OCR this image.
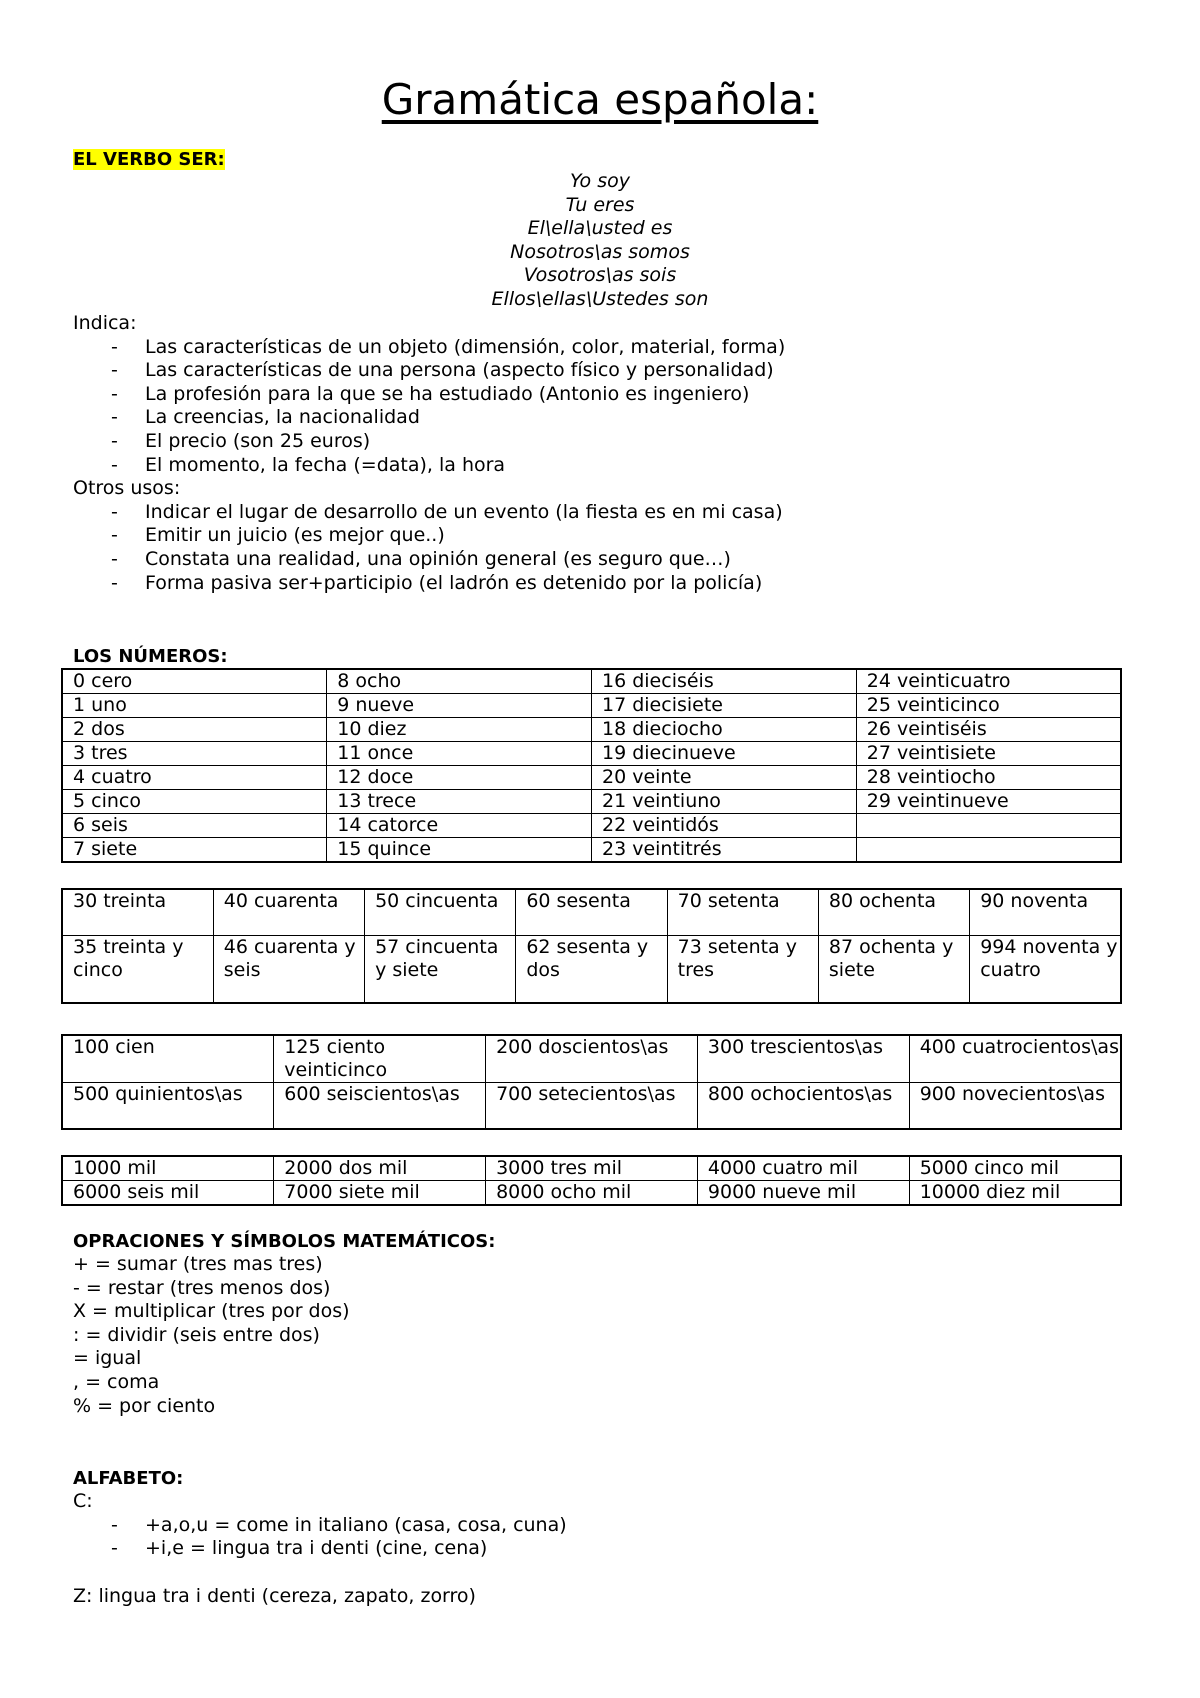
Gramática española:
EL VERBO SER:
Yo soy
Tu eres
El\ella\usted es
Nosotros\as somos
Vosotros\as sois
Ellos\ellas\Ustedes son
Indica:
- Las características de un objeto (dimensión, color, material, forma)
- Las características de una persona (aspecto físico y personalidad)
- La profesión para la que se ha estudiado (Antonio es ingeniero)
- La creencias, la nacionalidad
- El precio (son 25 euros)
- El momento, la fecha (=data), la hora
Otros usos:
- Indicar el lugar de desarrollo de un evento (la fiesta es en mi casa)
- Emitir un juicio (es mejor que..)
- Constata una realidad, una opinión general (es seguro que…)
- Forma pasiva ser+participio (el ladrón es detenido por la policía)
LOS NÚMEROS:
0 cero	8 ocho	16 dieciséis	24 veinticuatro
1 uno	9 nueve	17 diecisiete	25 veinticinco
2 dos	10 diez	18 dieciocho	26 veintiséis
3 tres	11 once	19 diecinueve	27 veintisiete
4 cuatro	12 doce	20 veinte	28 veintiocho
5 cinco	13 trece	21 veintiuno	29 veintinueve
6 seis	14 catorce	22 veintidós	
7 siete	15 quince	23 veintitrés	
30 treinta	40 cuarenta	50 cincuenta	60 sesenta	70 setenta	80 ochenta	90 noventa
35 treinta y cinco	46 cuarenta y seis	57 cincuenta y siete	62 sesenta y dos	73 setenta y tres	87 ochenta y siete	994 noventa y cuatro
100 cien	125 ciento veinticinco	200 doscientos\as	300 trescientos\as	400 cuatrocientos\as
500 quinientos\as	600 seiscientos\as	700 setecientos\as	800 ochocientos\as	900 novecientos\as
1000 mil	2000 dos mil	3000 tres mil	4000 cuatro mil	5000 cinco mil
6000 seis mil	7000 siete mil	8000 ocho mil	9000 nueve mil	10000 diez mil
OPRACIONES Y SÍMBOLOS MATEMÁTICOS:
+ = sumar (tres mas tres)
- = restar (tres menos dos)
X = multiplicar (tres por dos)
: = dividir (seis entre dos)
= igual
, = coma
% = por ciento
ALFABETO:
C:
- +a,o,u = come in italiano (casa, cosa, cuna)
- +i,e = lingua tra i denti (cine, cena)
Z: lingua tra i denti (cereza, zapato, zorro)
